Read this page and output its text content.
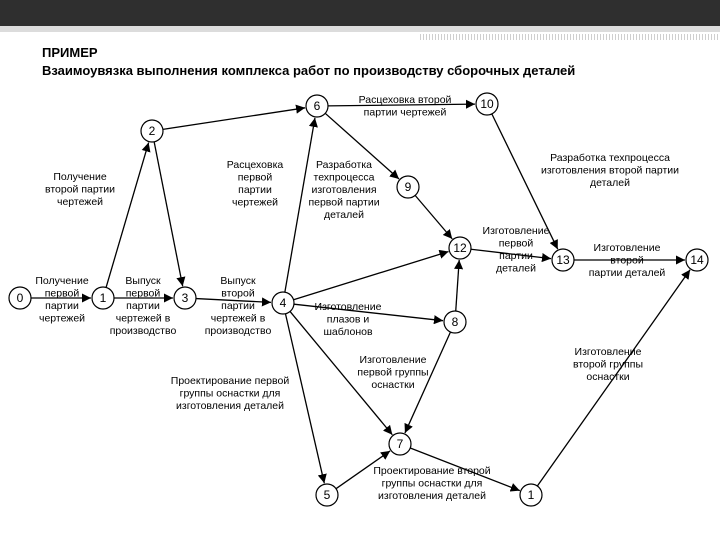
ПРИМЕР
Взаимоувязка выполнения комплекса работ по производству сборочных деталей
Получение первой партии чертежей
Получение второй партии чертежей
Выпуск первой партии чертежей в производство
Выпуск второй партии чертежей в производство
Расцеховка первой партии чертежей
Расцеховка второй партии чертежей
Разработка техпроцесса изготовления первой партии деталей
Разработка техпроцесса изготовления второй партии деталей
Изготовление первой партии деталей
Изготовление второй партии деталей
Изготовление плазов и шаблонов
Изготовление первой группы оснастки
Изготовление второй группы оснастки
Проектирование первой группы оснастки для изготовления деталей
Проектирование второй группы оснастки для изготовления деталей
0	1
2
3	4
5
6
7
8
9
10
1
12
13	14
